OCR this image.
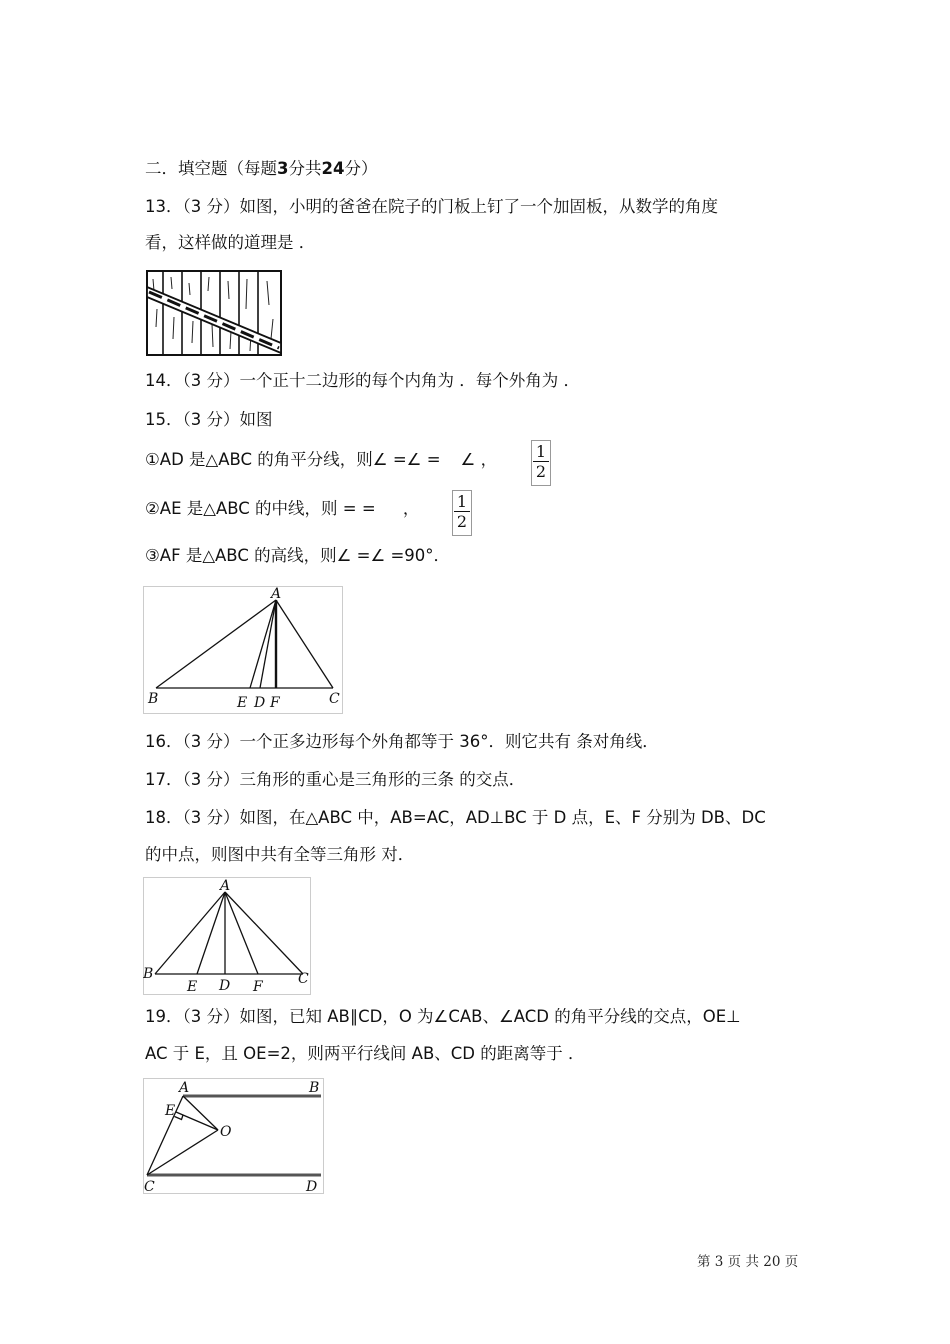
二．填空题（每题3分共24分）
13．（3 分）如图，小明的爸爸在院子的门板上钉了一个加固板，从数学的角度
看，这样做的道理是 ．
14．（3 分）一个正十二边形的每个内角为 ．每个外角为 ．
15．（3 分）如图
①AD 是△ABC 的角平分线，则∠ =∠ = ∠ ， $\frac{1}{2}$
②AE 是△ABC 的中线，则 = = ， $\frac{1}{2}$
③AF 是△ABC 的高线，则∠ =∠ =90°．
A
B	C
E D F
16．（3 分）一个正多边形每个外角都等于 36°．则它共有 条对角线．
17．（3 分）三角形的重心是三角形的三条 的交点．
18．（3 分）如图，在△ABC 中，AB=AC，AD⊥BC 于 D 点，E、F 分别为 DB、DC
的中点，则图中共有全等三角形 对．
A
B	C
E D F
19．（3 分）如图，已知 AB∥CD，O 为∠CAB、∠ACD 的角平分线的交点，OE⊥
AC 于 E，且 OE=2，则两平行线间 AB、CD 的距离等于 ．
A	B
E
O
C	D
第 3 页 共 20 页
